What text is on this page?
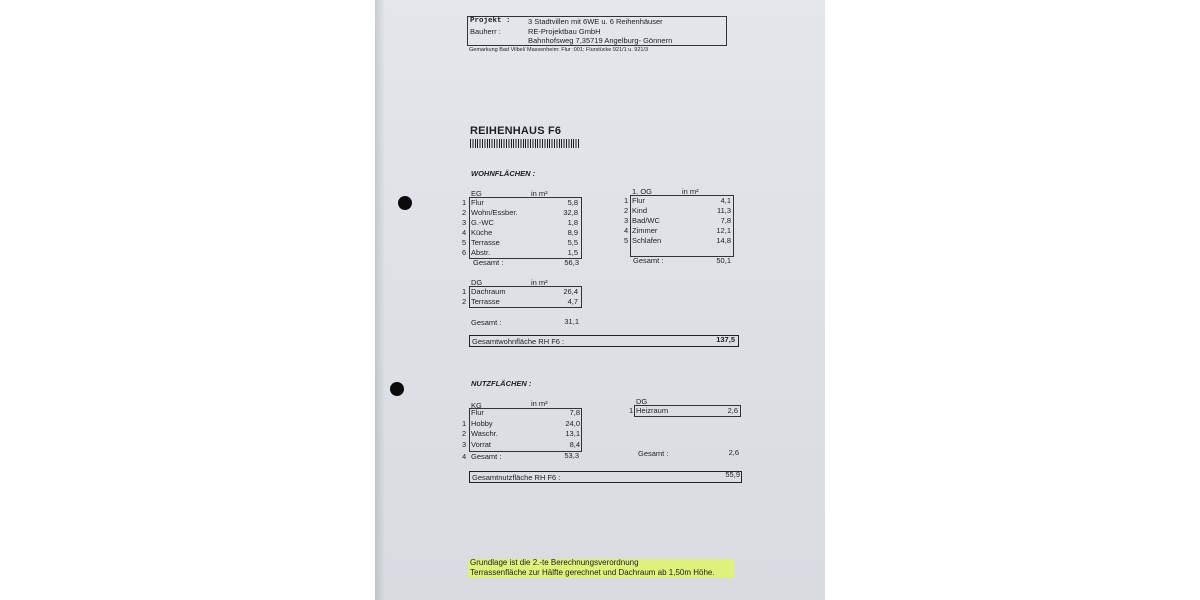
Projekt : 3 Stadtvillen mit 6WE u. 6 Reihenhäuser
Bauherr :	RE-Projektbau GmbH
Bahnhofsweg 7,35719 Angelburg- Gönnern
Gemarkung Bad Vilbel/ Massenheim: Flur :001; Flurstücke 921/1 u. 921/3
REIHENHAUS F6
WOHNFLÄCHEN :
EG	in m²
1 Flur	5,8
2 Wohn/Essber.	32,8
3 G.-WC	1,8
4 Küche	8,9
5 Terrasse	5,5
6 Abstr.	1,5
Gesamt :	56,3
1. OG	in m²
1 Flur	4,1
2 Kind	11,3
3 Bad/WC	7,8
4 Zimmer	12,1
5 Schlafen	14,8
Gesamt :	50,1
DG	in m²
1 Dachraum	26,4
2 Terrasse	4,7
Gesamt :	31,1
Gesamtwohnfläche RH F6 :	137,5
NUTZFLÄCHEN :
KG	in m²
Flur	7,8
1 Hobby	24,0
2 Waschr.	13,1
3 Vorrat	8,4
4 Gesamt :	53,3
DG
1 Heizraum	2,6
Gesamt :	2,6
Gesamtnutzfläche RH F6 :	55,9
Grundlage ist die 2.-te Berechnungsverordnung
Terrassenfläche zur Hälfte gerechnet und Dachraum ab 1,50m Höhe.
